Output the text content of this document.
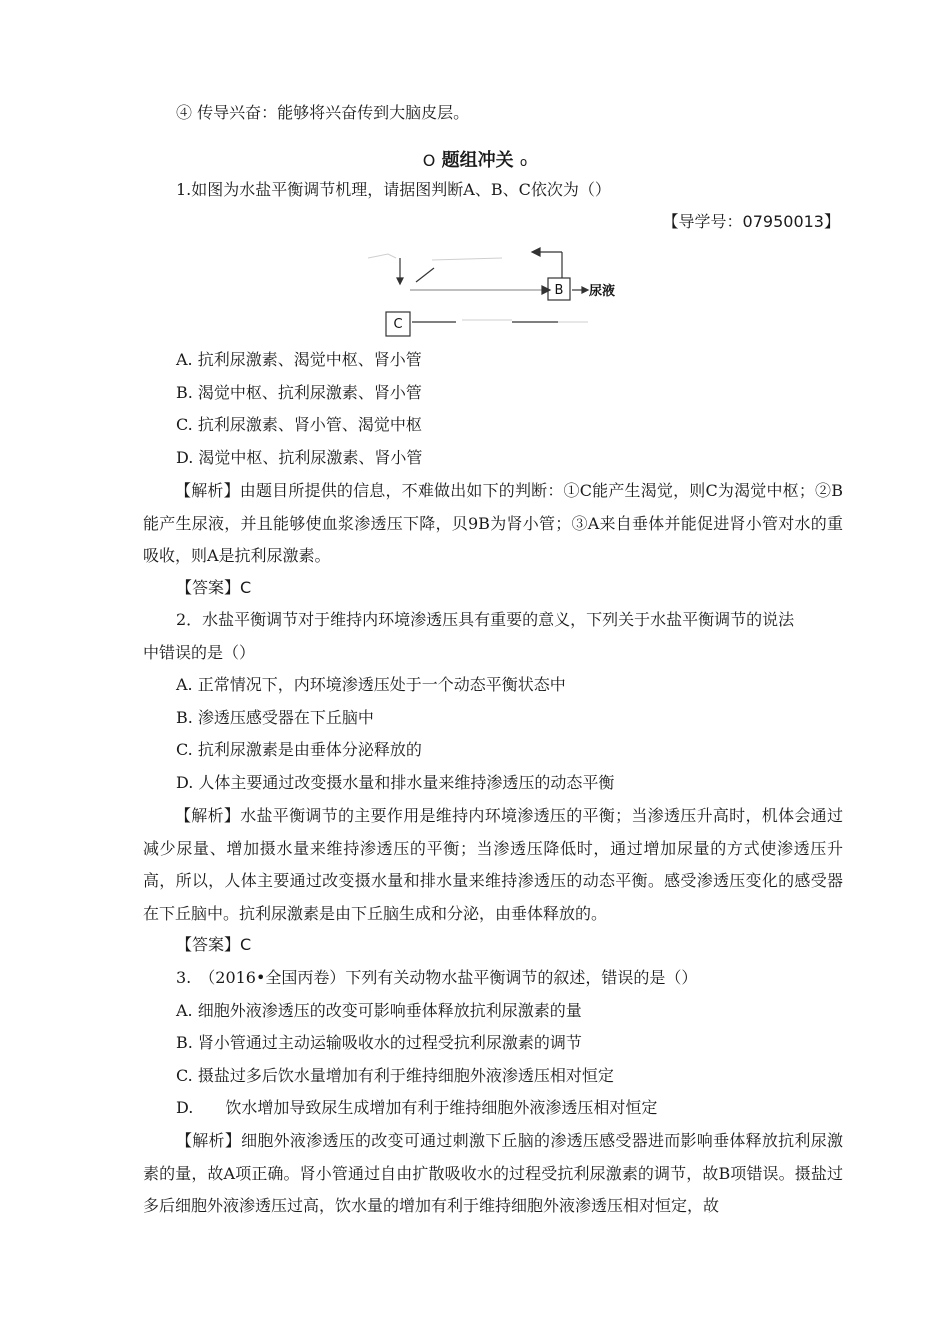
④ 传导兴奋：能够将兴奋传到大脑皮层。
O 题组冲关 o
1.如图为水盐平衡调节机理，请据图判断A、B、C依次为（）
【导学号：07950013】
B
C
尿液
A. 抗利尿激素、渴觉中枢、肾小管
B. 渴觉中枢、抗利尿激素、肾小管
C. 抗利尿激素、肾小管、渴觉中枢
D. 渴觉中枢、抗利尿激素、肾小管
【解析】由题目所提供的信息，不难做出如下的判断：①C能产生渴觉，则C为渴觉中枢；②B能产生尿液，并且能够使血浆渗透压下降，贝9B为肾小管；③A来自垂体并能促进肾小管对水的重吸收，则A是抗利尿激素。
【答案】C
2．水盐平衡调节对于维持内环境渗透压具有重要的意义，下列关于水盐平衡调节的说法
中错误的是（）
A. 正常情况下，内环境渗透压处于一个动态平衡状态中
B. 渗透压感受器在下丘脑中
C. 抗利尿激素是由垂体分泌释放的
D. 人体主要通过改变摄水量和排水量来维持渗透压的动态平衡
【解析】水盐平衡调节的主要作用是维持内环境渗透压的平衡；当渗透压升高时，机体会通过减少尿量、增加摄水量来维持渗透压的平衡；当渗透压降低时，通过增加尿量的方式使渗透压升高，所以，人体主要通过改变摄水量和排水量来维持渗透压的动态平衡。感受渗透压变化的感受器在下丘脑中。抗利尿激素是由下丘脑生成和分泌，由垂体释放的。
【答案】C
3.　（2016•全国丙卷）下列有关动物水盐平衡调节的叙述，错误的是（）
A. 细胞外液渗透压的改变可影响垂体释放抗利尿激素的量
B. 肾小管通过主动运输吸收水的过程受抗利尿激素的调节
C. 摄盐过多后饮水量增加有利于维持细胞外液渗透压相对恒定
D.　　饮水增加导致尿生成增加有利于维持细胞外液渗透压相对恒定
【解析】细胞外液渗透压的改变可通过刺激下丘脑的渗透压感受器进而影响垂体释放抗利尿激素的量，故A项正确。肾小管通过自由扩散吸收水的过程受抗利尿激素的调节，故B项错误。摄盐过多后细胞外液渗透压过高，饮水量的增加有利于维持细胞外液渗透压相对恒定，故
